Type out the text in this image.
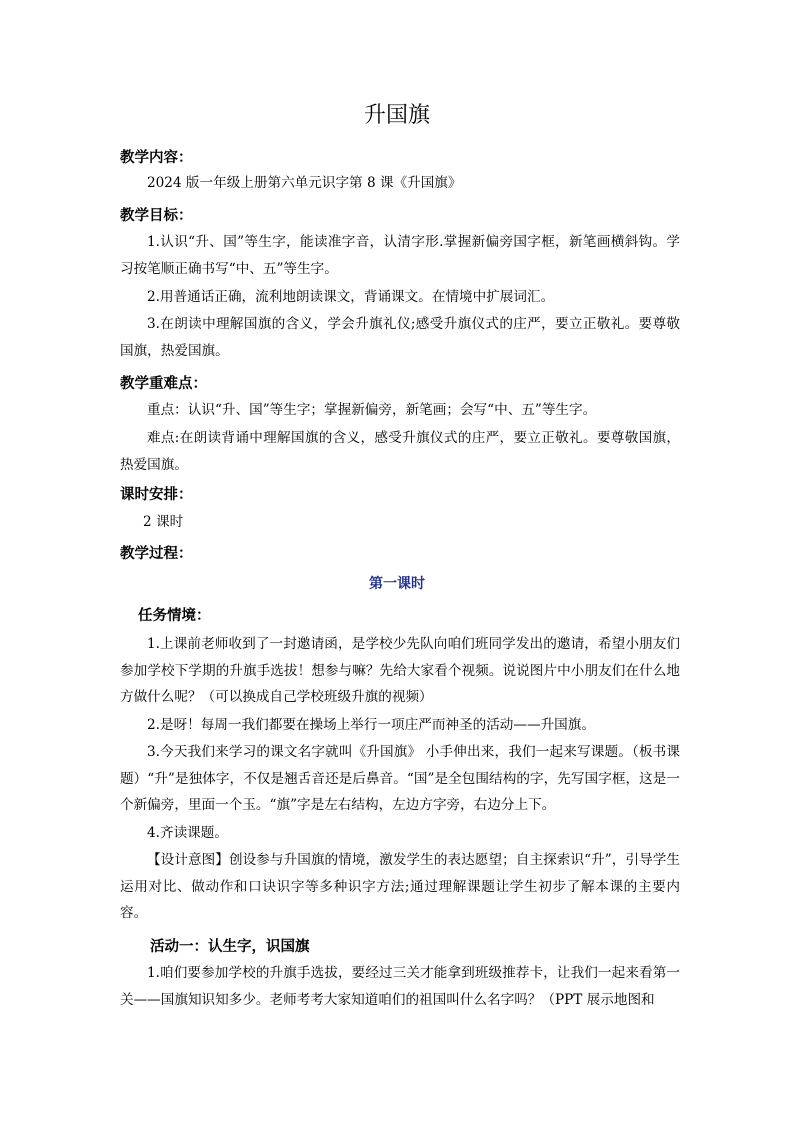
升国旗
教学内容：
2024 版一年级上册第六单元识字第 8 课《升国旗》
教学目标：
1.认识“升、国”等生字，能读准字音，认清字形.掌握新偏旁国字框，新笔画横斜钩。学习按笔顺正确书写“中、五”等生字。
2.用普通话正确，流利地朗读课文，背诵课文。在情境中扩展词汇。
3.在朗读中理解国旗的含义，学会升旗礼仪;感受升旗仪式的庄严，要立正敬礼。要尊敬国旗，热爱国旗。
教学重难点：
重点：认识“升、国”等生字；掌握新偏旁，新笔画；会写“中、五”等生字。
难点:在朗读背诵中理解国旗的含义，感受升旗仪式的庄严，要立正敬礼。要尊敬国旗，热爱国旗。
课时安排：
2 课时
教学过程：
第一课时
任务情境：
1.上课前老师收到了一封邀请函，是学校少先队向咱们班同学发出的邀请，希望小朋友们参加学校下学期的升旗手选拔！想参与嘛？先给大家看个视频。说说图片中小朋友们在什么地方做什么呢？（可以换成自己学校班级升旗的视频）
2.是呀！每周一我们都要在操场上举行一项庄严而神圣的活动——升国旗。
3.今天我们来学习的课文名字就叫《升国旗》 小手伸出来，我们一起来写课题。（板书课题）“升”是独体字，不仅是翘舌音还是后鼻音。“国”是全包围结构的字，先写国字框，这是一个新偏旁，里面一个玉。“旗”字是左右结构，左边方字旁，右边分上下。
4.齐读课题。
【设计意图】创设参与升国旗的情境，激发学生的表达愿望；自主探索识“升”，引导学生运用对比、做动作和口诀识字等多种识字方法;通过理解课题让学生初步了解本课的主要内容。
活动一：认生字，识国旗
1.咱们要参加学校的升旗手选拔，要经过三关才能拿到班级推荐卡，让我们一起来看第一关——国旗知识知多少。老师考考大家知道咱们的祖国叫什么名字吗？（PPT 展示地图和
